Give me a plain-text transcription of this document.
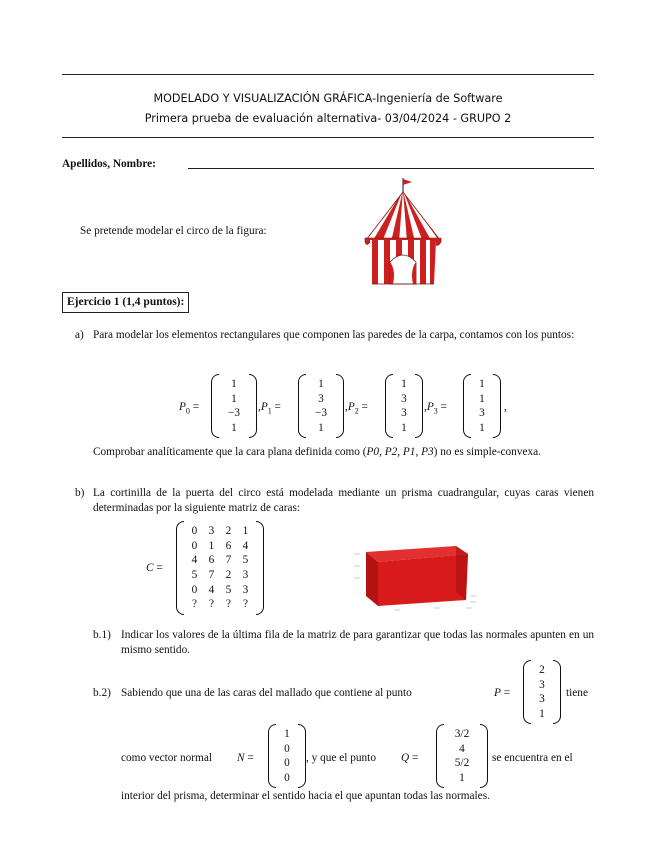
MODELADO Y VISUALIZACIÓN GRÁFICA-Ingeniería de Software
Primera prueba de evaluación alternativa- 03/04/2024 - GRUPO 2
Apellidos, Nombre:
Se pretende modelar el circo de la figura:
Ejercicio 1 (1,4 puntos):
a) Para modelar los elementos rectangulares que componen las paredes de la carpa, contamos con los puntos:
$P_0$ =
1
1
−3
1
$,P_1$ =
1
3
−3
1
$,P_2$ =
1
3
3
1
$,P_3$ =
1
1
3
1
,
Comprobar analíticamente que la cara plana definida como (P0, P2, P1, P3) no es simple-convexa.
b) La cortinilla de la puerta del circo está modelada mediante un prisma cuadrangular, cuyas caras vienen determinadas por la siguiente matriz de caras:
C =
0	3	2	1
0	1	6	4
4	6	7	5
5	7	2	3
0	4	5	3
?	?	?	?
b.1) Indicar los valores de la última fila de la matriz de para garantizar que todas las normales apunten en un mismo sentido.
b.2) Sabiendo que una de las caras del mallado que contiene al punto	P =
2
3
3
1
tiene
como vector normal N =
1
0
0
0
, y que el punto Q =
3/2
4
5/2
1
se encuentra en el
interior del prisma, determinar el sentido hacia el que apuntan todas las normales.
